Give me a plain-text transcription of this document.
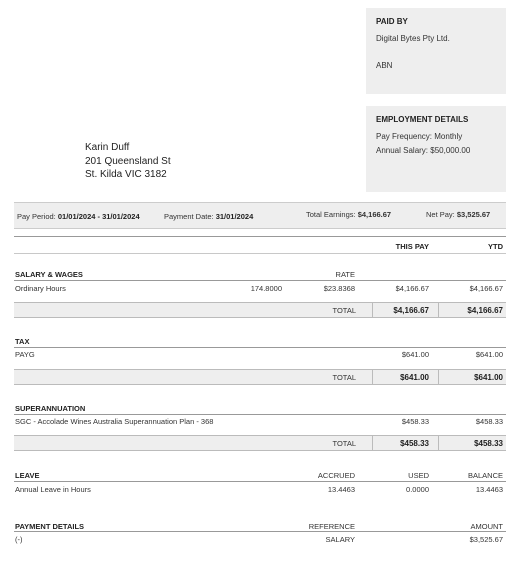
PAID BY
Digital Bytes Pty Ltd.
ABN
EMPLOYMENT DETAILS
Pay Frequency: Monthly
Annual Salary: $50,000.00
Karin Duff
201 Queensland St
St. Kilda VIC 3182
Pay Period: 01/01/2024 - 31/01/2024	Payment Date: 31/01/2024	Total Earnings: $4,166.67	Net Pay: $3,525.67
THIS PAY	YTD
SALARY & WAGES	RATE
Ordinary Hours	174.8000	$23.8368	$4,166.67	$4,166.67
TOTAL	$4,166.67	$4,166.67
TAX
PAYG	$641.00	$641.00
TOTAL	$641.00	$641.00
SUPERANNUATION
SGC - Accolade Wines Australia Superannuation Plan - 368	$458.33	$458.33
TOTAL	$458.33	$458.33
LEAVE	ACCRUED	USED	BALANCE
Annual Leave in Hours	13.4463	0.0000	13.4463
PAYMENT DETAILS	REFERENCE	AMOUNT
(-)	SALARY	$3,525.67
